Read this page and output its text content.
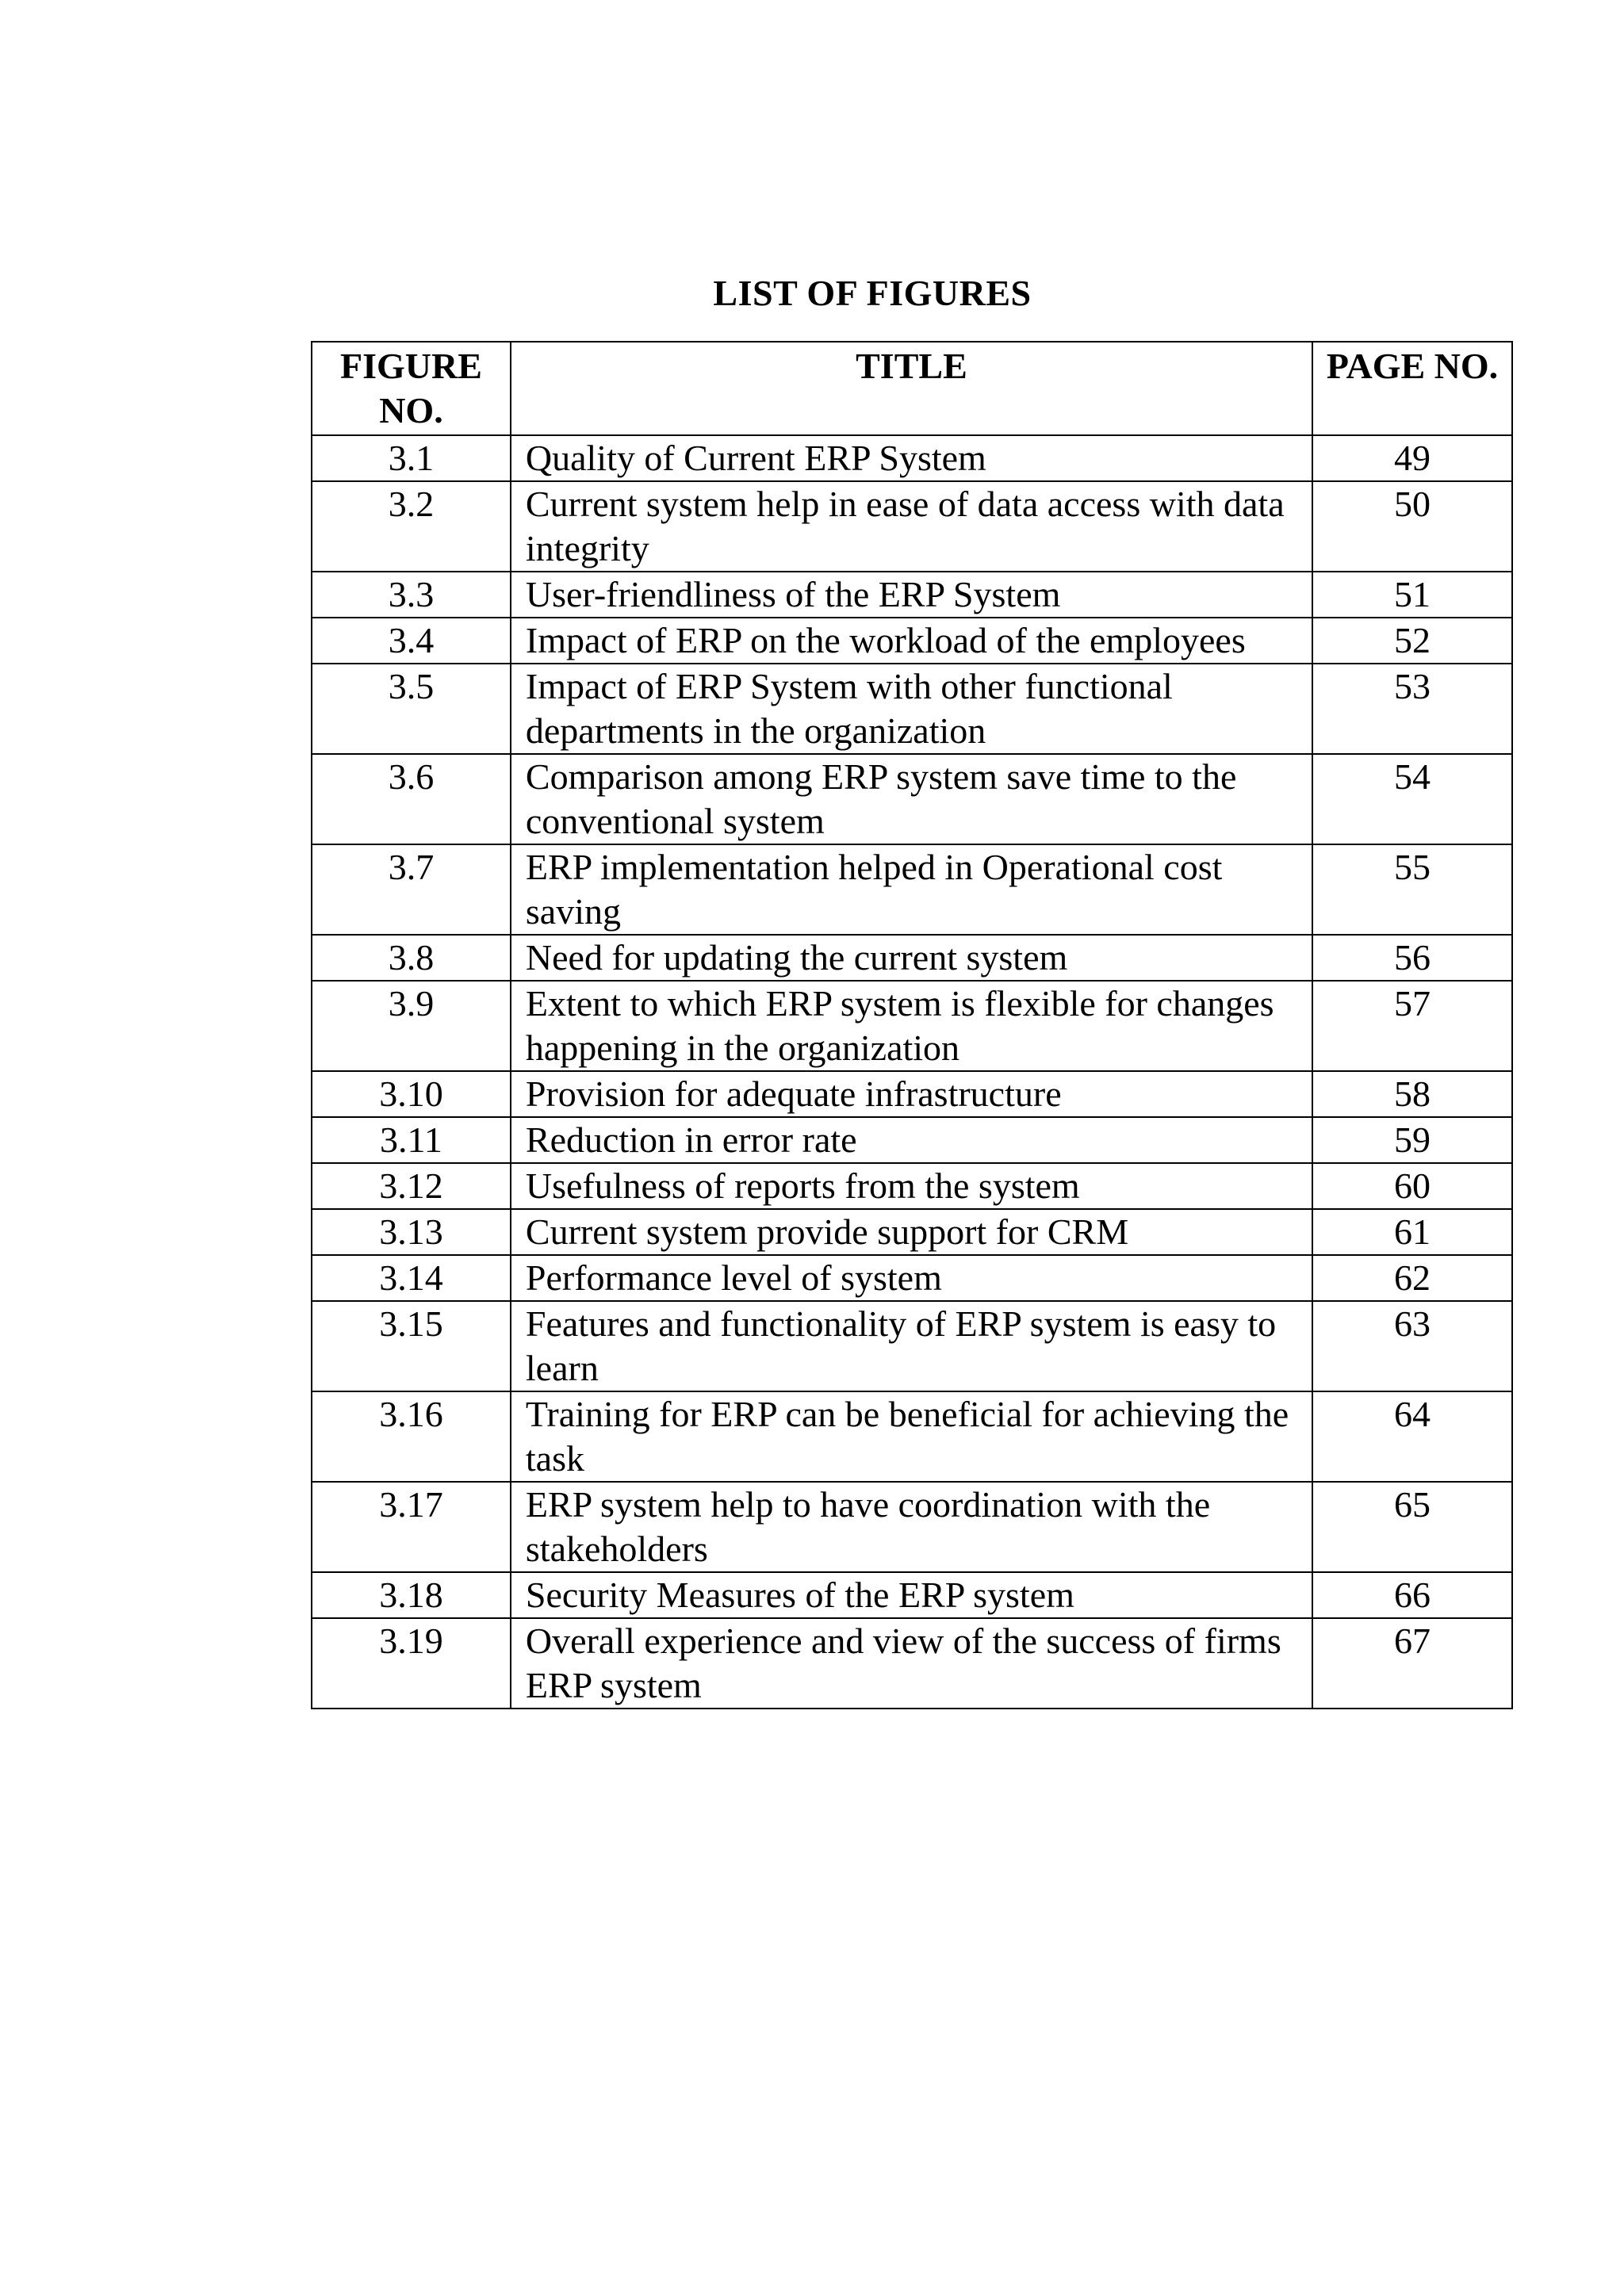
LIST OF FIGURES
FIGURE NO.	TITLE	PAGE NO.
3.1	Quality of Current ERP System	49
3.2	Current system help in ease of data access with data integrity	50
3.3	User-friendliness of the ERP System	51
3.4	Impact of ERP on the workload of the employees	52
3.5	Impact of ERP System with other functional departments in the organization	53
3.6	Comparison among ERP system save time to the conventional system	54
3.7	ERP implementation helped in Operational cost saving	55
3.8	Need for updating the current system	56
3.9	Extent to which ERP system is flexible for changes happening in the organization	57
3.10	Provision for adequate infrastructure	58
3.11	Reduction in error rate	59
3.12	Usefulness of reports from the system	60
3.13	Current system provide support for CRM	61
3.14	Performance level of system	62
3.15	Features and functionality of ERP system is easy to learn	63
3.16	Training for ERP can be beneficial for achieving the task	64
3.17	ERP system help to have coordination with the stakeholders	65
3.18	Security Measures of the ERP system	66
3.19	Overall experience and view of the success of firms ERP system	67
